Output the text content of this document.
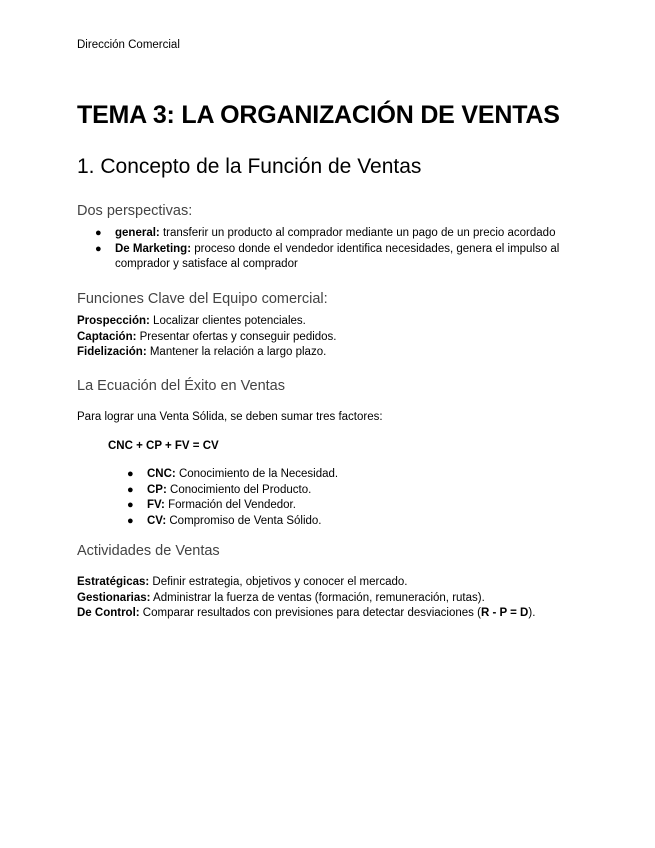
Dirección Comercial
TEMA 3: LA ORGANIZACIÓN DE VENTAS
1. Concepto de la Función de Ventas
Dos perspectivas:
● general: transferir un producto al comprador mediante un pago de un precio acordado
● De Marketing: proceso donde el vendedor identifica necesidades, genera el impulso al comprador y satisface al comprador
Funciones Clave del Equipo comercial:
Prospección: Localizar clientes potenciales.
Captación: Presentar ofertas y conseguir pedidos.
Fidelización: Mantener la relación a largo plazo.
La Ecuación del Éxito en Ventas
Para lograr una Venta Sólida, se deben sumar tres factores:
CNC + CP + FV = CV
● CNC: Conocimiento de la Necesidad.
● CP: Conocimiento del Producto.
● FV: Formación del Vendedor.
● CV: Compromiso de Venta Sólido.
Actividades de Ventas
Estratégicas: Definir estrategia, objetivos y conocer el mercado.
Gestionarias: Administrar la fuerza de ventas (formación, remuneración, rutas).
De Control: Comparar resultados con previsiones para detectar desviaciones (R - P = D).
